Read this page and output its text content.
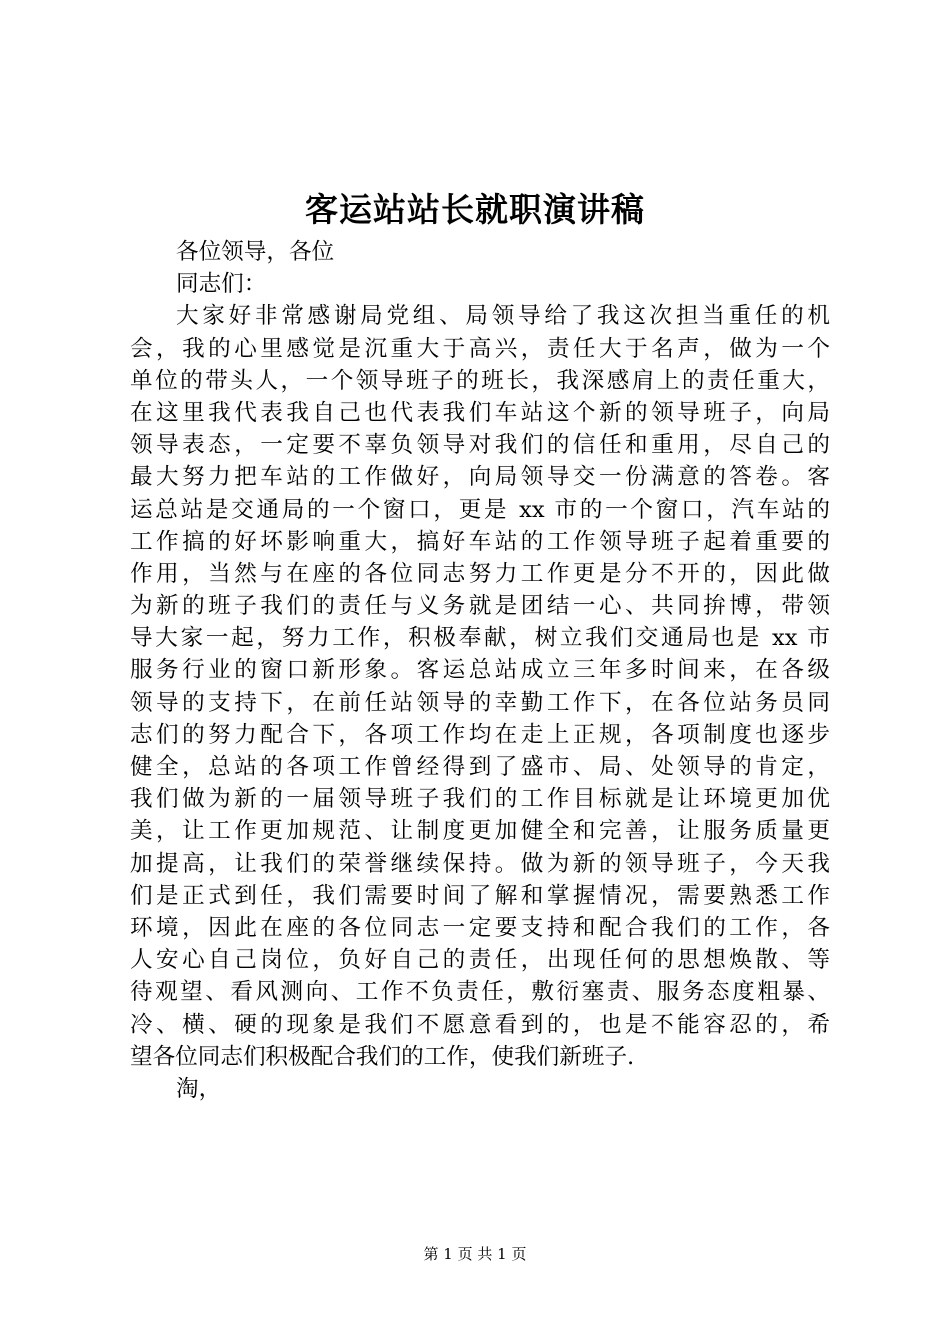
客运站站长就职演讲稿
各位领导，各位
同志们：
大家好非常感谢局党组、局领导给了我这次担当重任的机
会，我的心里感觉是沉重大于高兴，责任大于名声，做为一个
单位的带头人，一个领导班子的班长，我深感肩上的责任重大，
在这里我代表我自己也代表我们车站这个新的领导班子，向局
领导表态，一定要不辜负领导对我们的信任和重用，尽自己的
最大努力把车站的工作做好，向局领导交一份满意的答卷。客
运总站是交通局的一个窗口，更是 xx 市的一个窗口，汽车站的
工作搞的好坏影响重大，搞好车站的工作领导班子起着重要的
作用，当然与在座的各位同志努力工作更是分不开的，因此做
为新的班子我们的责任与义务就是团结一心、共同拚博，带领
导大家一起，努力工作，积极奉献，树立我们交通局也是 xx 市
服务行业的窗口新形象。客运总站成立三年多时间来，在各级
领导的支持下，在前任站领导的幸勤工作下，在各位站务员同
志们的努力配合下，各项工作均在走上正规，各项制度也逐步
健全，总站的各项工作曾经得到了盛市、局、处领导的肯定，
我们做为新的一届领导班子我们的工作目标就是让环境更加优
美，让工作更加规范、让制度更加健全和完善，让服务质量更
加提高，让我们的荣誉继续保持。做为新的领导班子，今天我
们是正式到任，我们需要时间了解和掌握情况，需要熟悉工作
环境，因此在座的各位同志一定要支持和配合我们的工作，各
人安心自己岗位，负好自己的责任，出现任何的思想焕散、等
待观望、看风测向、工作不负责任，敷衍塞责、服务态度粗暴、
冷、横、硬的现象是我们不愿意看到的，也是不能容忍的，希
望各位同志们积极配合我们的工作，使我们新班子.
淘，
第 1 页 共 1 页
